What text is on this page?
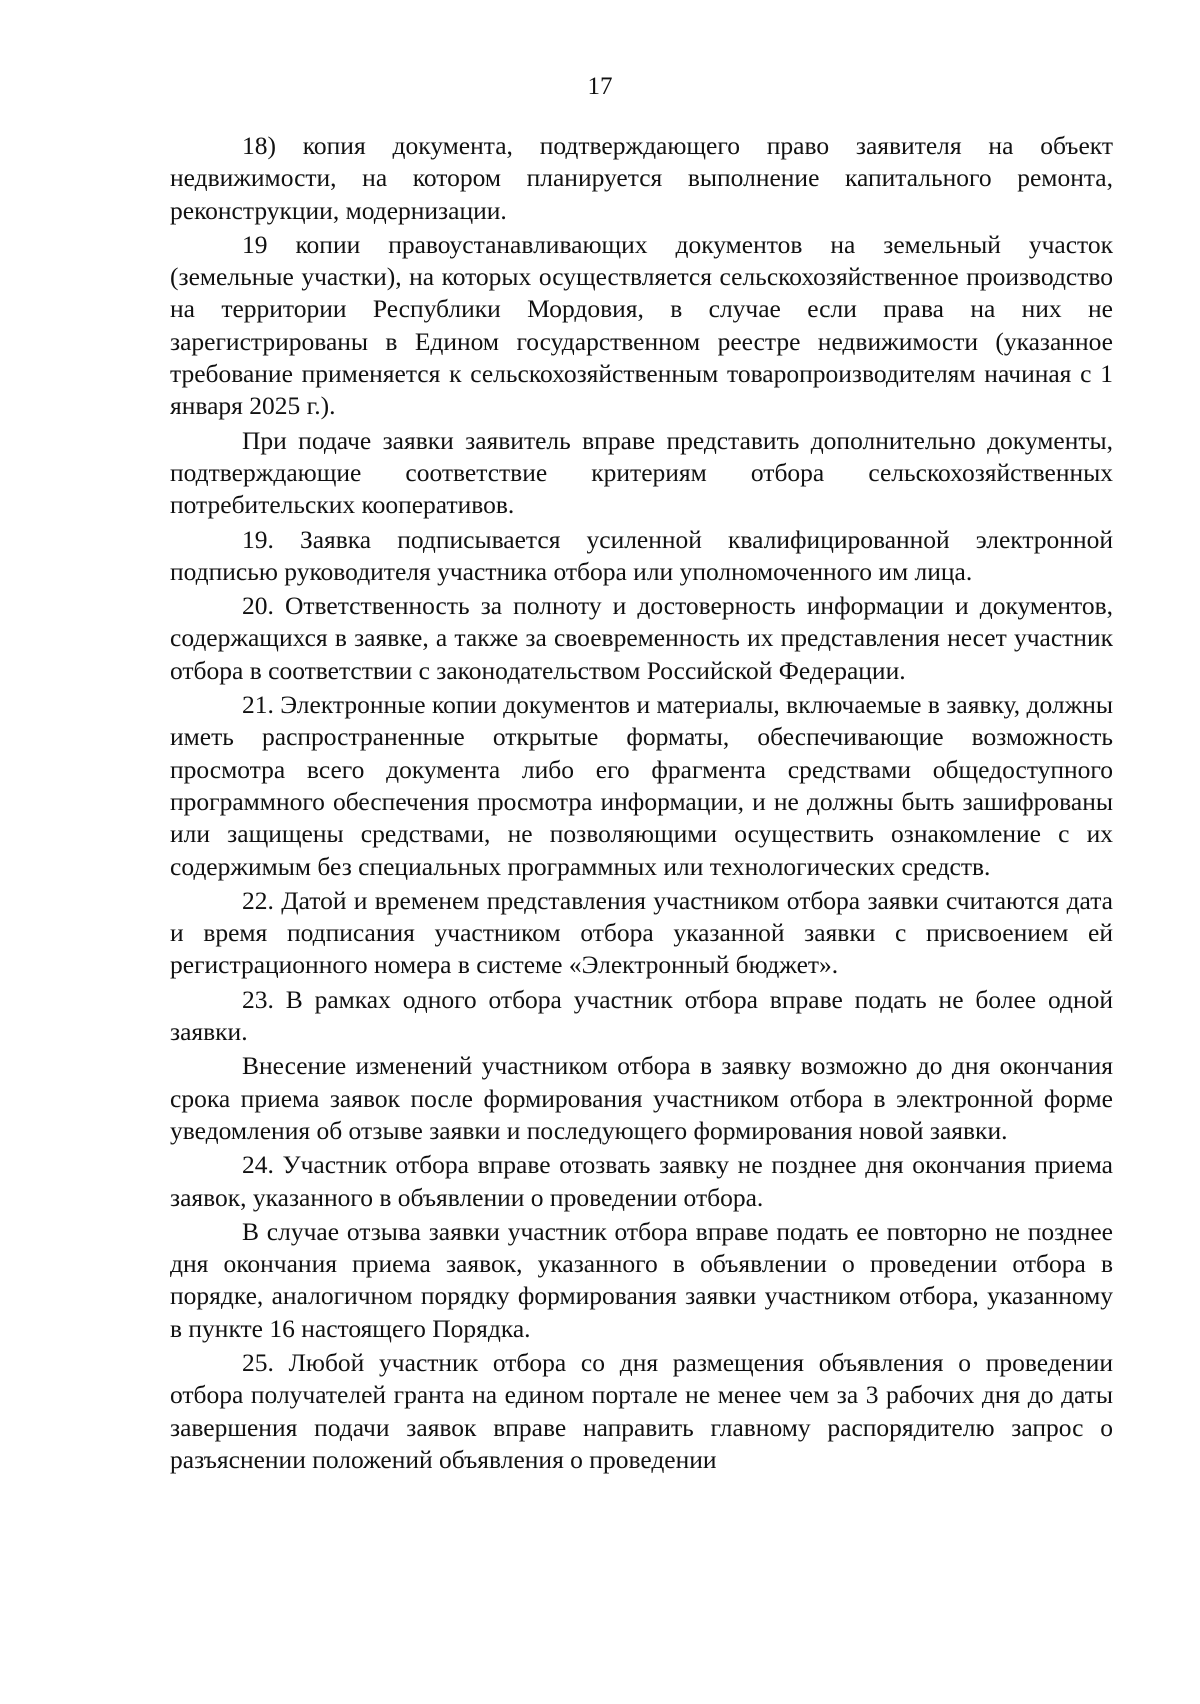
17

18) копия документа, подтверждающего право заявителя на объект недвижимости, на котором планируется выполнение капитального ремонта, реконструкции, модернизации.

19 копии правоустанавливающих документов на земельный участок (земельные участки), на которых осуществляется сельскохозяйственное производство на территории Республики Мордовия, в случае если права на них не зарегистрированы в Едином государственном реестре недвижимости (указанное требование применяется к сельскохозяйственным товаропроизводителям начиная с 1 января 2025 г.).

При подаче заявки заявитель вправе представить дополнительно документы, подтверждающие соответствие критериям отбора сельскохозяйственных потребительских кооперативов.

19. Заявка подписывается усиленной квалифицированной электронной подписью руководителя участника отбора или уполномоченного им лица.

20. Ответственность за полноту и достоверность информации и документов, содержащихся в заявке, а также за своевременность их представления несет участник отбора в соответствии с законодательством Российской Федерации.

21. Электронные копии документов и материалы, включаемые в заявку, должны иметь распространенные открытые форматы, обеспечивающие возможность просмотра всего документа либо его фрагмента средствами общедоступного программного обеспечения просмотра информации, и не должны быть зашифрованы или защищены средствами, не позволяющими осуществить ознакомление с их содержимым без специальных программных или технологических средств.

22. Датой и временем представления участником отбора заявки считаются дата и время подписания участником отбора указанной заявки с присвоением ей регистрационного номера в системе «Электронный бюджет».

23. В рамках одного отбора участник отбора вправе подать не более одной заявки.

Внесение изменений участником отбора в заявку возможно до дня окончания срока приема заявок после формирования участником отбора в электронной форме уведомления об отзыве заявки и последующего формирования новой заявки.

24. Участник отбора вправе отозвать заявку не позднее дня окончания приема заявок, указанного в объявлении о проведении отбора.

В случае отзыва заявки участник отбора вправе подать ее повторно не позднее дня окончания приема заявок, указанного в объявлении о проведении отбора в порядке, аналогичном порядку формирования заявки участником отбора, указанному в пункте 16 настоящего Порядка.

25. Любой участник отбора со дня размещения объявления о проведении отбора получателей гранта на едином портале не менее чем за 3 рабочих дня до даты завершения подачи заявок вправе направить главному распорядителю запрос о разъяснении положений объявления о проведении
